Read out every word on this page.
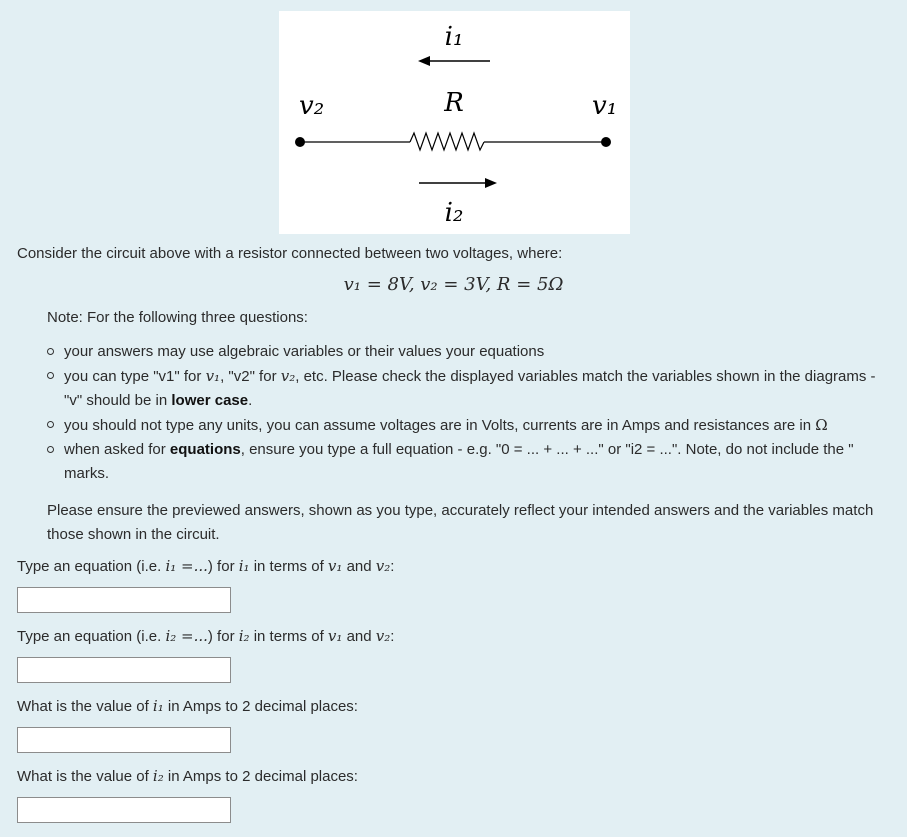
i₁
v₂	R	v₁
i₂
Consider the circuit above with a resistor connected between two voltages, where:
v₁ = 8V, v₂ = 3V, R = 5Ω
Note: For the following three questions:
your answers may use algebraic variables or their values your equations
you can type "v1" for v₁, "v2" for v₂, etc. Please check the displayed variables match the variables shown in the diagrams - "v" should be in lower case.
you should not type any units, you can assume voltages are in Volts, currents are in Amps and resistances are in Ω
when asked for equations, ensure you type a full equation - e.g. "0 = ... + ... + ..." or "i2 = ...". Note, do not include the " marks.
Please ensure the previewed answers, shown as you type, accurately reflect your intended answers and the variables match those shown in the circuit.
Type an equation (i.e. i₁ =...) for i₁ in terms of v₁ and v₂:
Type an equation (i.e. i₂ =...) for i₂ in terms of v₁ and v₂:
What is the value of i₁ in Amps to 2 decimal places:
What is the value of i₂ in Amps to 2 decimal places:
